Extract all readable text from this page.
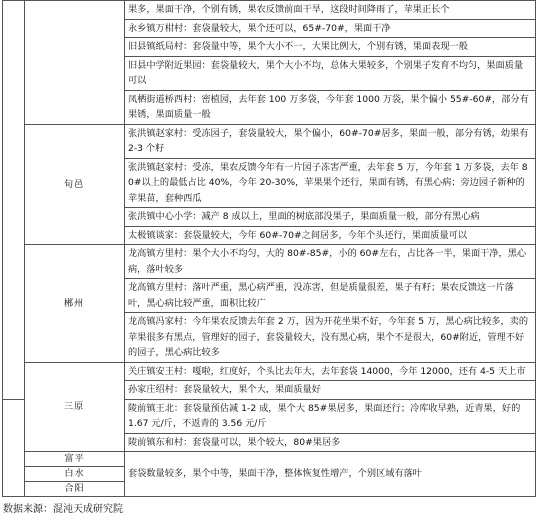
		果多，果面干净，个别有锈，果农反馈前面干旱，这段时间降雨了，苹果正长个
		永乡镇万柑村：套袋量较大，果个还可以，65#-70#，果面干净
		旧县镇纸局村：套袋量中等，果个大小不一，大果比例大，个别有锈，果面表现一般
		旧县中学附近果园：套袋量较大，果个大小不均，总体大果较多，个别果子发育不均匀，果面质量可以
		凤栖街道桥西村：密植园，去年套 100 万多袋，今年套 1000 万袋，果个偏小 55#-60#，部分有果锈，果面质量一般
	旬邑	张洪镇赵家村：受冻园子，套袋量较大，果个偏小，60#-70#居多，果面一般，部分有锈，幼果有 2-3 个籽
		张洪镇赵家村：受冻，果农反馈今年有一片园子冻害严重，去年套 5 万，今年套 1 万多袋，去年 80#以上的最低占比 40%，今年 20-30%，苹果果个还行，果面有锈，有黑心病；旁边园子新种的苹果苗，套种西瓜
		张洪镇中心小学：减产 8 成以上，里面的树底部没果子，果面质量一般，部分有黑心病
		太极镇谈家：套袋量较大，今年 60#-70#之间居多，今年个头还行，果面质量可以
	郴州	龙高镇方里村：果个大小不均匀，大的 80#-85#，小的 60#左右，占比各一半，果面干净，黑心病，落叶较多
		龙高镇方里村：落叶严重，黑心病严重，没冻害，但是质量很差，果子有籽；果农反馈这一片落叶，黑心病比较严重，面积比较广
		龙高镇冯家村：今年果农反馈去年套 2 万，因为开花坐果不好，今年套 5 万，黑心病比较多，卖的苹果很多有黑点，管理好的园子，套袋量较大，没有黑心病，果个不是很大，60#附近，管理不好的园子，黑心病比较多
	三原	关庄镇安王村：嘎啦，红度好，个头比去年大，去年套袋 14000，今年 12000，还有 4-5 天上市
		孙家庄绍村：套袋量较大，果个大，果面质量好
		陵前镇王北：套袋量预估减 1-2 成，果个大 85#果居多，果面还行；冷库收早熟，近青果，好的 1.67 元/斤，不返青的 3.56 元/斤
		陵前镇东和村：套袋量可以，果个较大，80#果居多
	富平	套袋数量较多，果个中等，果面干净，整体恢复性增产，个别区域有落叶
	白水	
	合阳	
数据来源：混沌天成研究院
